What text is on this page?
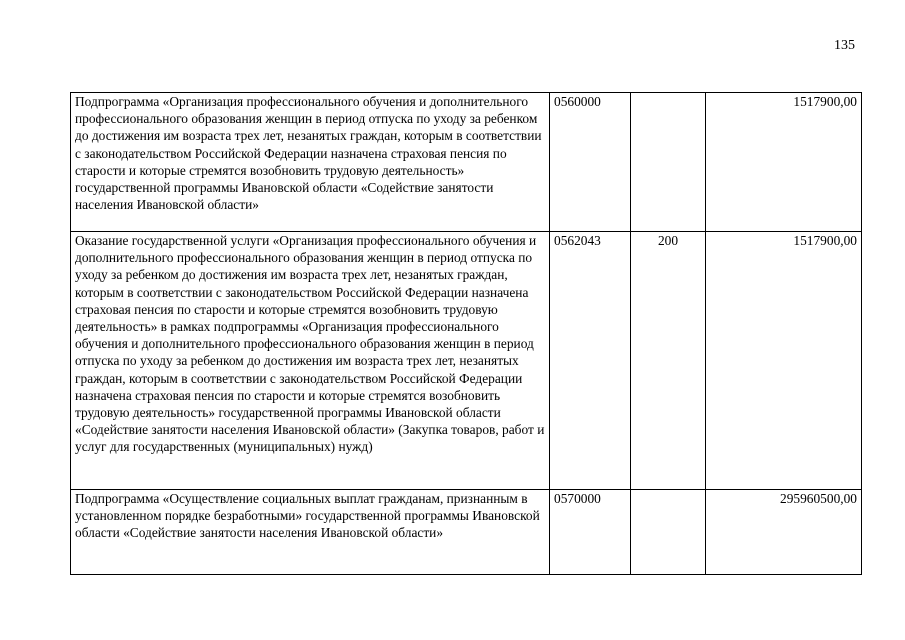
135
Подпрограмма «Организация профессионального обучения и дополнительного профессионального образования женщин в период отпуска по уходу за ребенком до достижения им возраста трех лет, незанятых граждан, которым в соответствии с законодательством Российской Федерации назначена страховая пенсия по старости и которые стремятся возобновить трудовую деятельность» государственной программы Ивановской области «Содействие занятости населения Ивановской области»	0560000		1517900,00

Оказание государственной услуги «Организация профессионального обучения и дополнительного профессионального образования женщин в период отпуска по уходу за ребенком до достижения им возраста трех лет, незанятых граждан, которым в соответствии с законодательством Российской Федерации назначена страховая пенсия по старости и которые стремятся возобновить трудовую деятельность» в рамках подпрограммы «Организация профессионального обучения и дополнительного профессионального образования женщин в период отпуска по уходу за ребенком до достижения им возраста трех лет, незанятых граждан, которым в соответствии с законодательством Российской Федерации назначена страховая пенсия по старости и которые стремятся возобновить трудовую деятельность» государственной программы Ивановской области «Содействие занятости населения Ивановской области» (Закупка товаров, работ и услуг для государственных (муниципальных) нужд)	0562043	200	1517900,00

Подпрограмма «Осуществление социальных выплат гражданам, признанным в установленном порядке безработными» государственной программы Ивановской области «Содействие занятости населения Ивановской области»	0570000		295960500,00
